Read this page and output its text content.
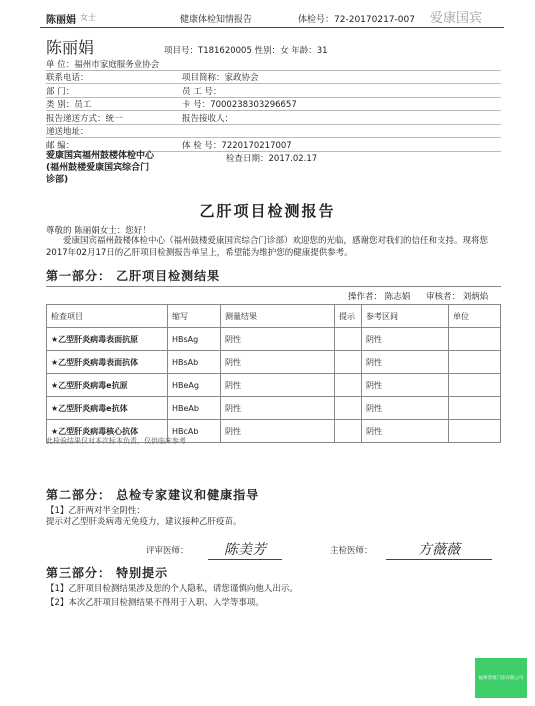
陈丽娟 女士	健康体检知情报告	体检号：72-20170217-007 爱康国宾
陈丽娟	项目号：T181620005 性别：女 年龄：31
单 位：福州市家庭服务业协会
联系电话：	项目简称：家政协会
部 门：	员 工 号：
类 别：员工	卡 号：7000238303296657
报告递送方式：统一	报告接收人：
递送地址：
邮 编：	体 检 号：7220170217007
爱康国宾福州鼓楼体检中心
(福州鼓楼爱康国宾综合门
诊部)
检查日期：2017.02.17
乙肝项目检测报告
尊敬的 陈丽娟女士：您好！
爱康国宾福州鼓楼体检中心（福州鼓楼爱康国宾综合门诊部）欢迎您的光临，感谢您对我们的信任和支持。现将您2017年02月17日的乙肝项目检测报告单呈上，希望能为维护您的健康提供参考。
第一部分： 乙肝项目检测结果
操作者： 陈志娟 审核者： 刘炳焰
检查项目	缩写	测量结果	提示	参考区间	单位
★乙型肝炎病毒表面抗原	HBsAg	阴性		阴性	
★乙型肝炎病毒表面抗体	HBsAb	阴性		阴性	
★乙型肝炎病毒e抗原	HBeAg	阴性		阴性	
★乙型肝炎病毒e抗体	HBeAb	阴性		阴性	
★乙型肝炎病毒核心抗体	HBcAb	阴性		阴性	
此检验结果仅对本次标本负责，仅供临床参考
第二部分： 总检专家建议和健康指导
【1】乙肝两对半全阴性：
提示对乙型肝炎病毒无免疫力，建议接种乙肝疫苗。
评审医师：	陈美芳	主检医师：	方薇薇
第三部分： 特别提示
【1】乙肝项目检测结果涉及您的个人隐私，请您谨慎向他人出示。
【2】本次乙肝项目检测结果不得用于入职、入学等事项。
福州善康门诊有限公司
